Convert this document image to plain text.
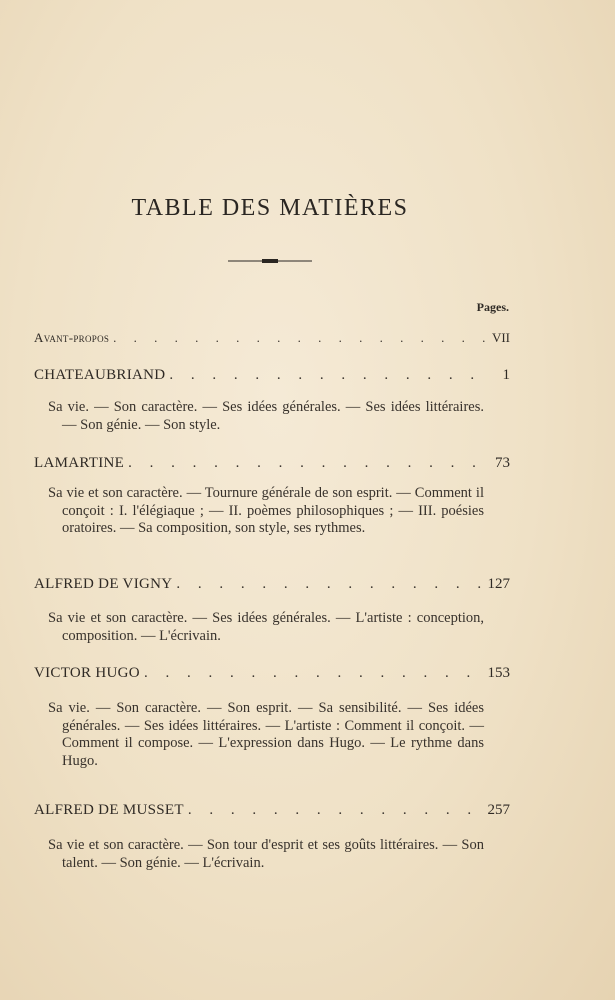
TABLE DES MATIÈRES
Pages.
Avant-propos . . .	VII
CHATEAUBRIAND . . .	1
Sa vie. — Son caractère. — Ses idées générales. — Ses idées littéraires. — Son génie. — Son style.
LAMARTINE . . .	73
Sa vie et son caractère. — Tournure générale de son esprit. — Comment il conçoit : I. l'élégiaque ; — II. poèmes philosophiques ; — III. poésies oratoires. — Sa composition, son style, ses rythmes.
ALFRED DE VIGNY . . .	127
Sa vie et son caractère. — Ses idées générales. — L'artiste : conception, composition. — L'écrivain.
VICTOR HUGO . . .	153
Sa vie. — Son caractère. — Son esprit. — Sa sensibilité. — Ses idées générales. — Ses idées littéraires. — L'artiste : Comment il conçoit. — Comment il compose. — L'expression dans Hugo. — Le rythme dans Hugo.
ALFRED DE MUSSET . . .	257
Sa vie et son caractère. — Son tour d'esprit et ses goûts littéraires. — Son talent. — Son génie. — L'écrivain.
